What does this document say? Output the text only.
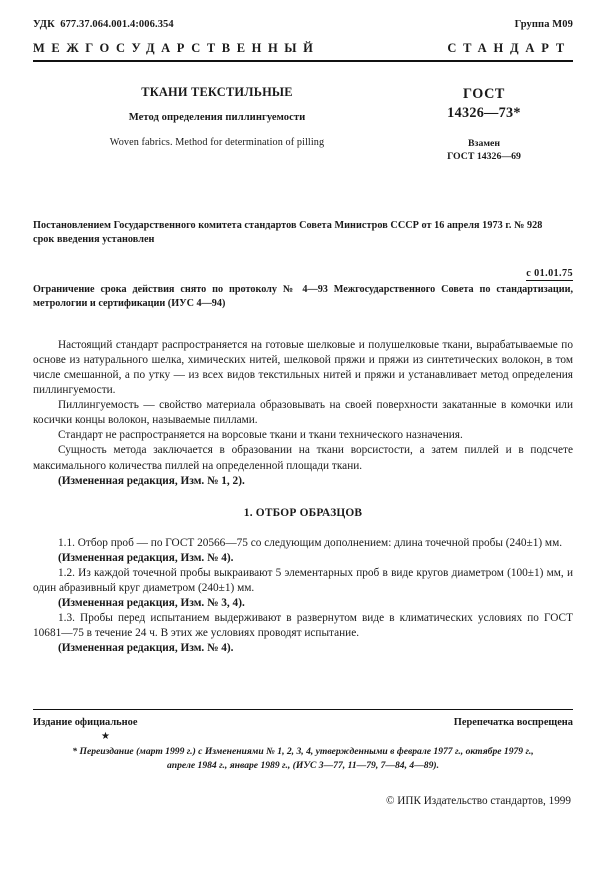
УДК  677.37.064.001.4:006.354	Группа М09
МЕЖГОСУДАРСТВЕННЫЙ	СТАНДАРТ
ТКАНИ ТЕКСТИЛЬНЫЕ
Метод определения пиллингуемости
Woven fabrics. Method for determination of pilling
ГОСТ
14326—73*
Взамен
ГОСТ 14326—69
Постановлением Государственного комитета стандартов Совета Министров СССР от 16 апреля 1973 г. № 928
срок введения установлен
с 01.01.75
Ограничение срока действия снято по протоколу № 4—93 Межгосударственного Совета по стандартизации, метрологии и сертификации (ИУС 4—94)

Настоящий стандарт распространяется на готовые шелковые и полушелковые ткани, вырабатываемые по основе из натурального шелка, химических нитей, шелковой пряжи и пряжи из синтетических волокон, в том числе смешанной, а по утку — из всех видов текстильных нитей и пряжи и устанавливает метод определения пиллингуемости.

Пиллингуемость — свойство материала образовывать на своей поверхности закатанные в комочки или косички концы волокон, называемые пиллами.

Стандарт не распространяется на ворсовые ткани и ткани технического назначения.

Сущность метода заключается в образовании на ткани ворсистости, а затем пиллей и в подсчете максимального количества пиллей на определенной площади ткани.

(Измененная редакция, Изм. № 1, 2).

1. ОТБОР ОБРАЗЦОВ

1.1. Отбор проб — по ГОСТ 20566—75 со следующим дополнением: длина точечной пробы (240±1) мм.

(Измененная редакция, Изм. № 4).

1.2. Из каждой точечной пробы выкраивают 5 элементарных проб в виде кругов диаметром (100±1) мм, и один абразивный круг диаметром (240±1) мм.

(Измененная редакция, Изм. № 3, 4).

1.3. Пробы перед испытанием выдерживают в развернутом виде в климатических условиях по ГОСТ 10681—75 в течение 24 ч. В этих же условиях проводят испытание.

(Измененная редакция, Изм. № 4).

Издание официальное	Перепечатка воспрещена
★
* Переиздание (март 1999 г.) с Изменениями № 1, 2, 3, 4, утвержденными в феврале 1977 г., октябре 1979 г.,
апреле 1984 г., январе 1989 г., (ИУС 3—77, 11—79, 7—84, 4—89).
© ИПК Издательство стандартов, 1999
